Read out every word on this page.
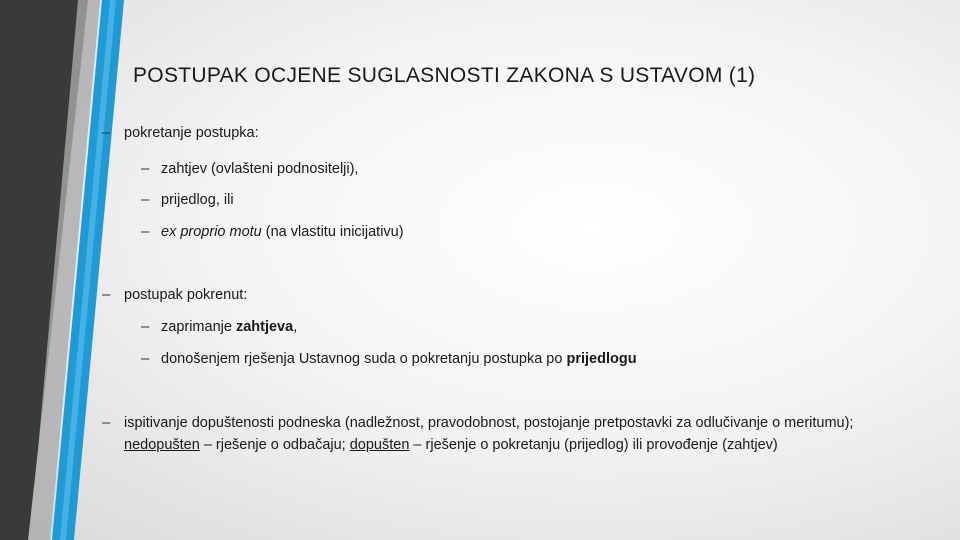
POSTUPAK OCJENE SUGLASNOSTI ZAKONA S USTAVOM (1)
– pokretanje postupka:
– zahtjev (ovlašteni podnositelji),
– prijedlog, ili
– ex proprio motu (na vlastitu inicijativu)
– postupak pokrenut:
– zaprimanje zahtjeva,
– donošenjem rješenja Ustavnog suda o pokretanju postupka po prijedlogu
– ispitivanje dopuštenosti podneska (nadležnost, pravodobnost, postojanje pretpostavki za odlučivanje o meritumu); nedopušten – rješenje o odbačaju; dopušten – rješenje o pokretanju (prijedlog) ili provođenje (zahtjev)
